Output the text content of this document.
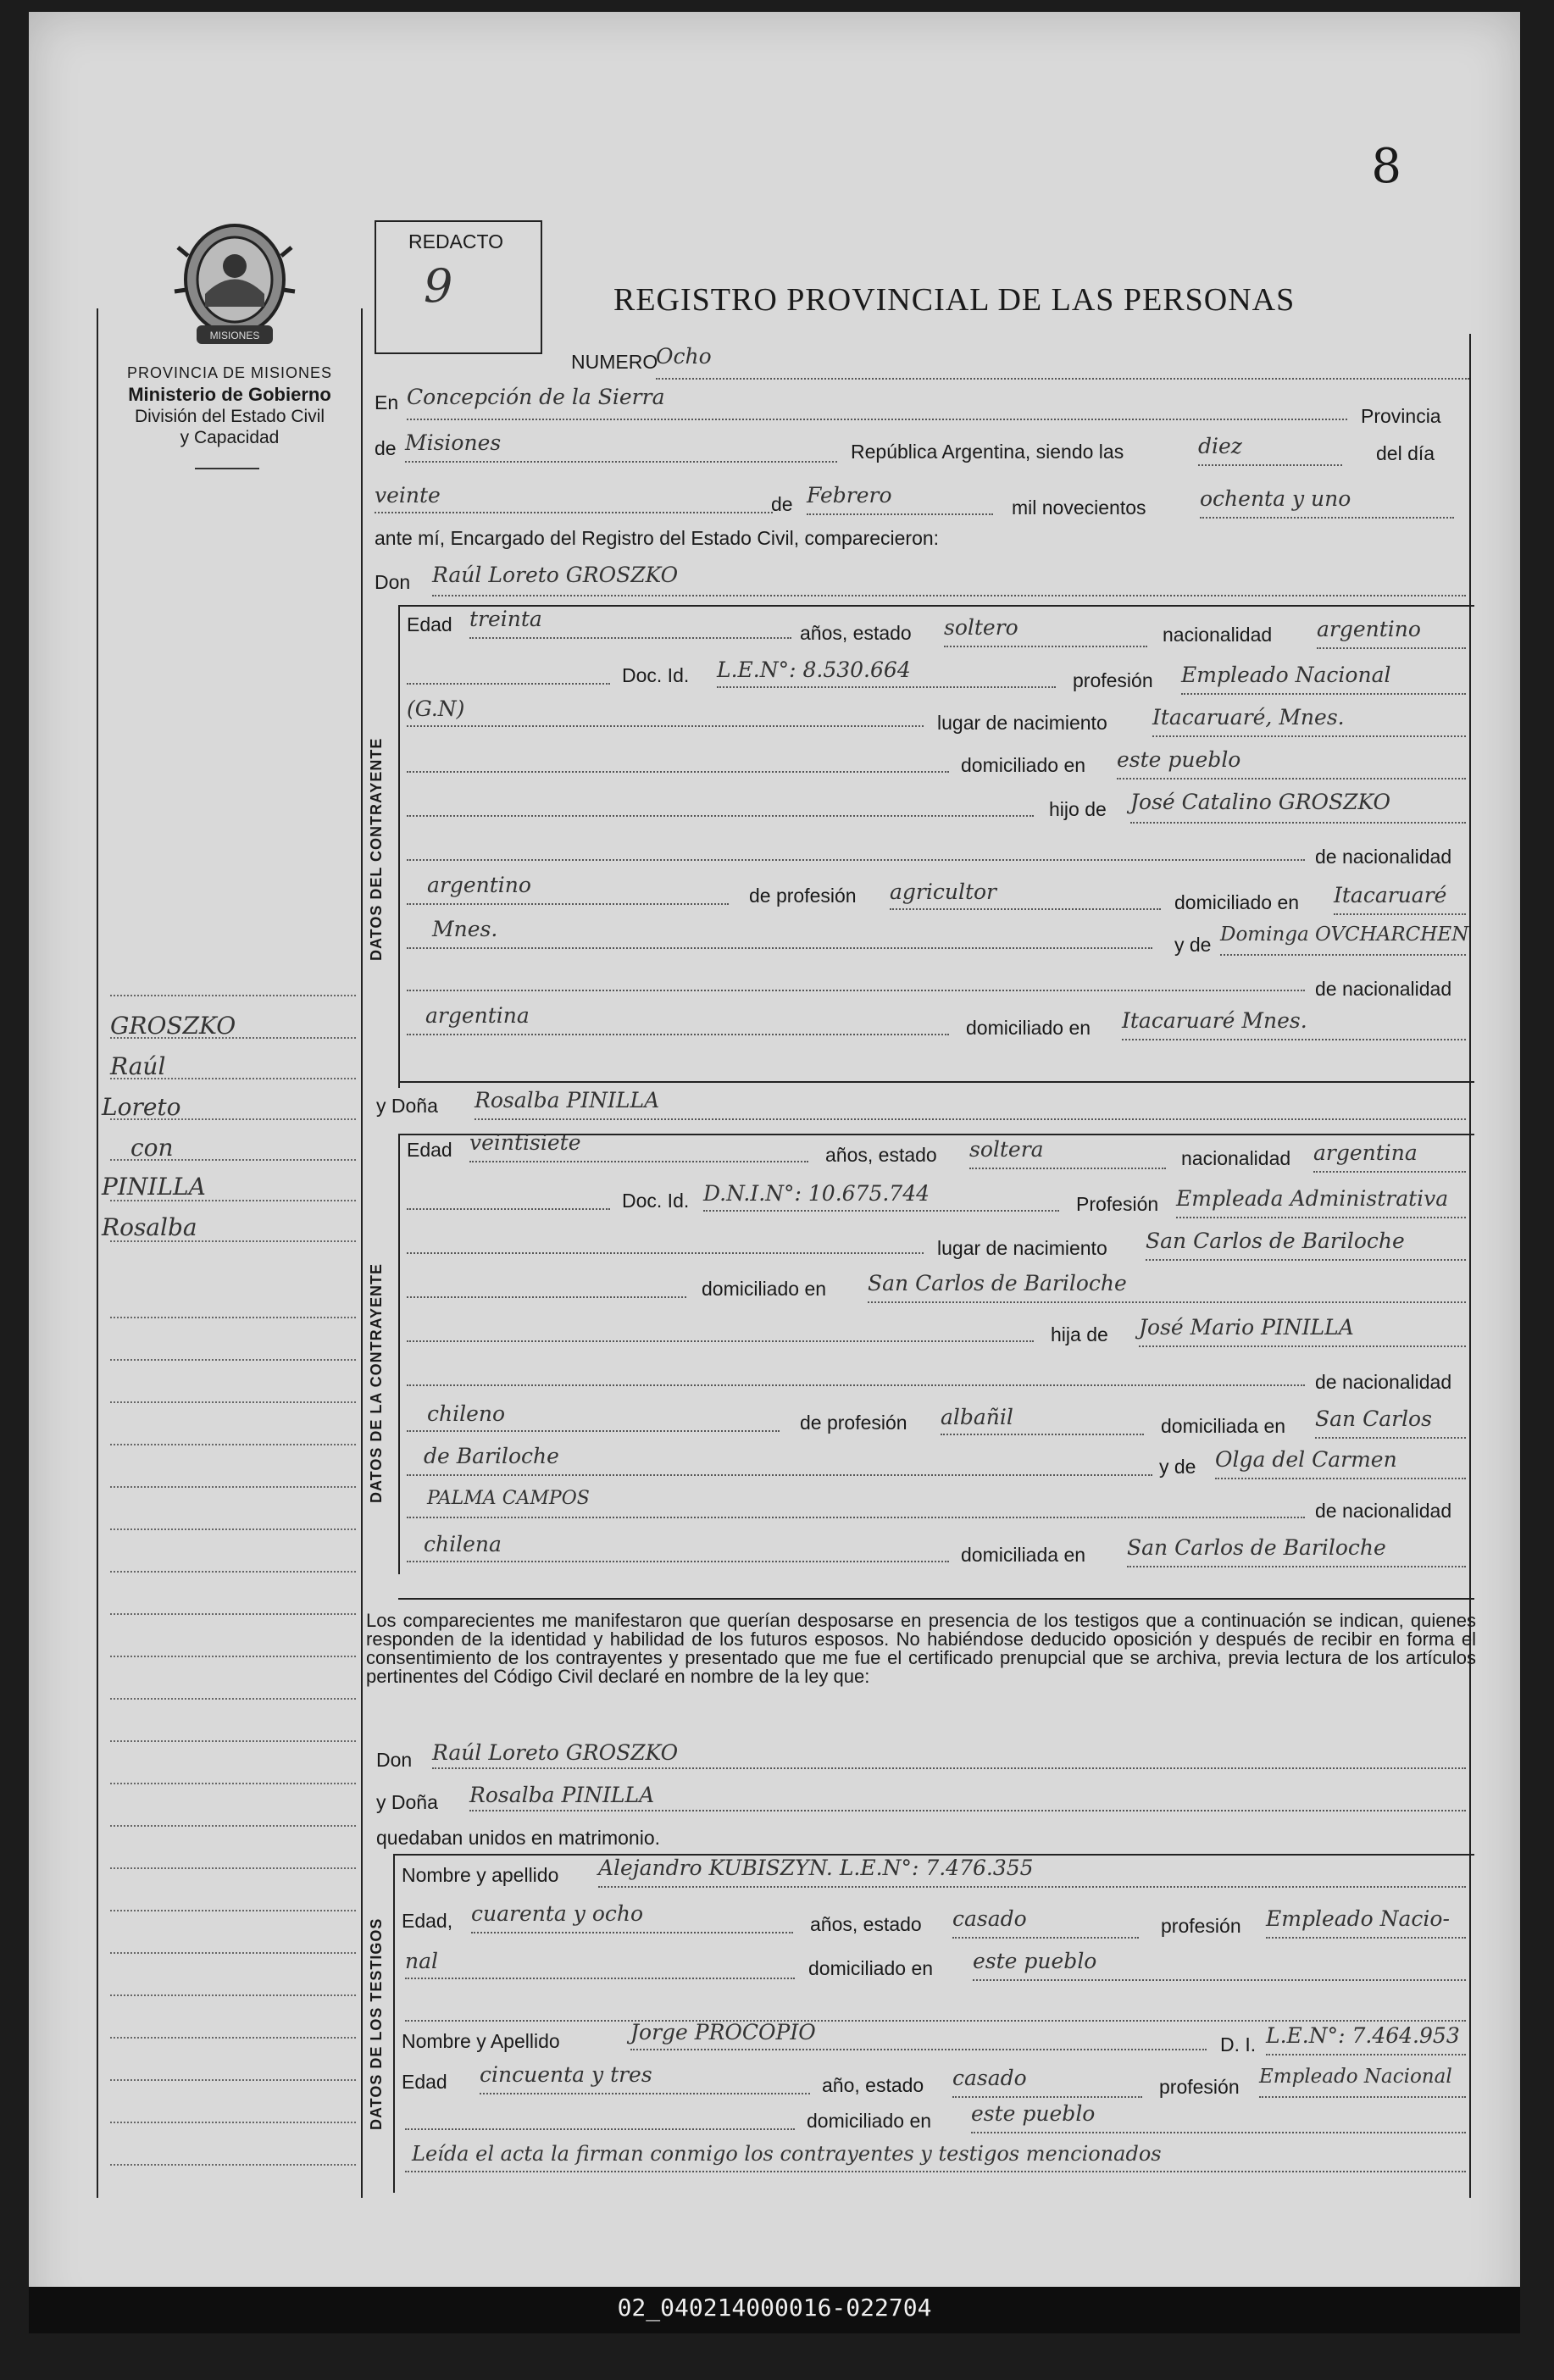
8
MISIONES
PROVINCIA DE MISIONES
Ministerio de Gobierno
División del Estado Civil
y Capacidad
REDACTO
9	REGISTRO PROVINCIAL DE LAS PERSONAS
GROSZKO
Raúl
Loreto
con
PINILLA
Rosalba
NUMERO
Ocho
En Concepción de la Sierra
Provincia
de Misiones	República Argentina, siendo las	diez	del día
veinte	de Febrero	mil novecientos	ochenta y uno
ante mí, Encargado del Registro del Estado Civil, comparecieron:
Don Raúl Loreto GROSZKO
DATOS DEL CONTRAYENTE
Edad treinta
años, estado soltero	nacionalidad argentino
Doc. Id. L.E.N°: 8.530.664	profesión Empleado Nacional
(G.N)
lugar de nacimiento Itacaruaré, Mnes.
domiciliado en este pueblo
hijo de José Catalino GROSZKO
de nacionalidad
argentino	de profesión agricultor	domiciliado en Itacaruaré
Mnes.
y de Dominga OVCHARCHEN
de nacionalidad
argentina	domiciliado en Itacaruaré Mnes.
y Doña Rosalba PINILLA
DATOS DE LA CONTRAYENTE
Edad veintisiete	años, estado soltera	nacionalidad argentina
Doc. Id. D.N.I.N°: 10.675.744	Profesión Empleada Administrativa
lugar de nacimiento San Carlos de Bariloche
domiciliado en San Carlos de Bariloche
hija de José Mario PINILLA
de nacionalidad
chileno	de profesión albañil	domiciliada en San Carlos
de Bariloche	y de Olga del Carmen
PALMA CAMPOS
de nacionalidad
chilena	domiciliada en San Carlos de Bariloche
Los comparecientes me manifestaron que querían desposarse en presencia de los testigos que a continuación se indican, quienes responden de la identidad y habilidad de los futuros esposos. No habiéndose deducido oposición y después de recibir en forma el consentimiento de los contrayentes y presentado que me fue el certificado prenupcial que se archiva, previa lectura de los artículos pertinentes del Código Civil declaré en nombre de la ley que:
Don Raúl Loreto GROSZKO
y Doña Rosalba PINILLA
quedaban unidos en matrimonio.
DATOS DE LOS TESTIGOS
Nombre y apellido Alejandro KUBISZYN. L.E.N°: 7.476.355
Edad, cuarenta y ocho	años, estado casado	profesión Empleado Nacio-
nal	domiciliado en este pueblo
Nombre y Apellido	Jorge PROCOPIO	D. I. L.E.N°: 7.464.953
Edad cincuenta y tres	año, estado casado	profesión Empleado Nacional
domiciliado en este pueblo
Leída el acta la firman conmigo los contrayentes y testigos mencionados
02_040214000016-022704
